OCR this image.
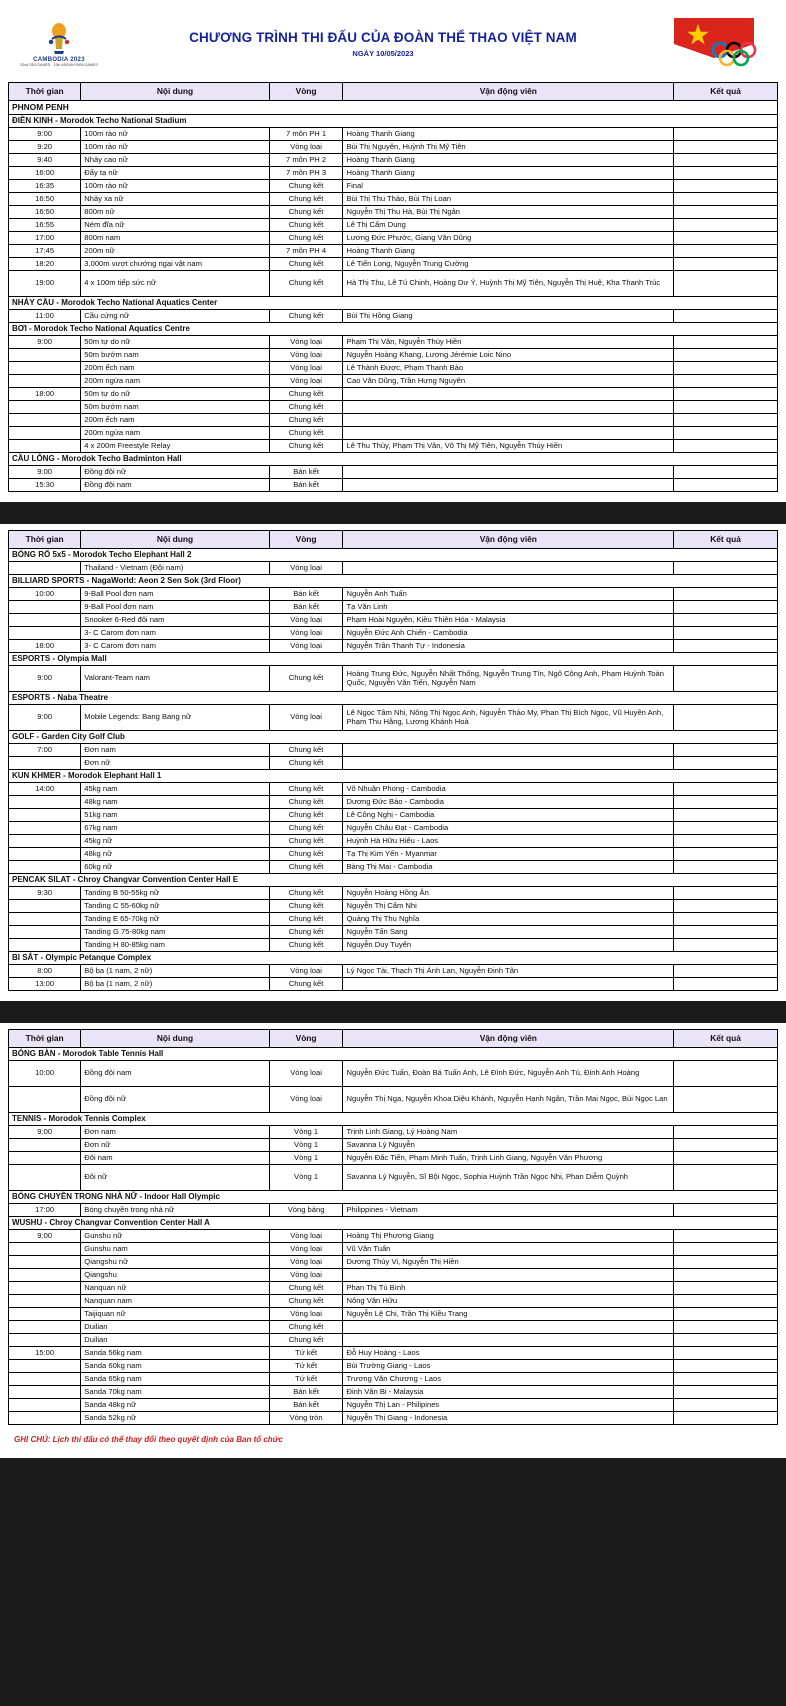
CAMBODIA 2023
32nd SEA GAMES · 12th ASEAN PARA GAMES
CHƯƠNG TRÌNH THI ĐẤU CỦA ĐOÀN THỂ THAO VIỆT NAM
NGÀY 10/05/2023
Thời gian	Nội dung	Vòng	Vận động viên	Kết quả
PHNOM PENH				
ĐIỀN KINH - Morodok Techo National Stadium				
9:00	100m rào nữ	7 môn PH 1	Hoàng Thanh Giang	
9:20	100m rào nữ	Vòng loại	Bùi Thị Nguyên, Huỳnh Thị Mỹ Tiên	
9:40	Nhảy cao nữ	7 môn PH 2	Hoàng Thanh Giang	
16:00	Đẩy tạ nữ	7 môn PH 3	Hoàng Thanh Giang	
16:35	100m rào nữ	Chung kết	Final	
16:50	Nhảy xa nữ	Chung kết	Bùi Thị Thu Thảo, Bùi Thị Loan	
16:50	800m nữ	Chung kết	Nguyễn Thị Thu Hà, Bùi Thị Ngân	
16:55	Ném đĩa nữ	Chung kết	Lê Thị Cẩm Dung	
17:00	800m nam	Chung kết	Lương Đức Phước, Giang Văn Dũng	
17:45	200m nữ	7 môn PH 4	Hoàng Thanh Giang	
18:20	3,000m vượt chướng ngại vật nam	Chung kết	Lê Tiến Long, Nguyễn Trung Cường	
19:00	4 x 100m tiếp sức nữ	Chung kết	Hà Thị Thu, Lê Tú Chinh, Hoàng Dư Ý, Huỳnh Thị Mỹ Tiên, Nguyễn Thị Huệ, Kha Thanh Trúc	
NHẢY CẦU - Morodok Techo National Aquatics Center				
11:00	Cầu cứng nữ	Chung kết	Bùi Thị Hồng Giang	
BƠI - Morodok Techo National Aquatics Centre				
9:00	50m tự do nữ	Vòng loại	Phạm Thị Vân, Nguyễn Thúy Hiền	
	50m bướm nam	Vòng loại	Nguyễn Hoàng Khang, Lương Jérémie Loic Nino	
	200m ếch nam	Vòng loại	Lê Thành Được, Phạm Thanh Bảo	
	200m ngửa nam	Vòng loại	Cao Văn Dũng, Trần Hưng Nguyên	
18:00	50m tự do nữ	Chung kết		
	50m bướm nam	Chung kết		
	200m ếch nam	Chung kết		
	200m ngửa nam	Chung kết		
	4 x 200m Freestyle Relay	Chung kết	Lê Thu Thủy, Phạm Thị Vân, Võ Thị Mỹ Tiên, Nguyễn Thúy Hiền	
CẦU LÔNG - Morodok Techo Badminton Hall				
9:00	Đồng đội nữ	Bán kết		
15:30	Đồng đội nam	Bán kết		
Thời gian	Nội dung	Vòng	Vận động viên	Kết quả
BÓNG RỔ 5x5 - Morodok Techo Elephant Hall 2				
	Thailand - Vietnam (Đội nam)	Vòng loại		
BILLIARD SPORTS - NagaWorld: Aeon 2 Sen Sok (3rd Floor)				
10:00	9-Ball Pool đơn nam	Bán kết	Nguyễn Anh Tuấn	
	9-Ball Pool đơn nam	Bán kết	Tạ Văn Linh	
	Snooker 6-Red đôi nam	Vòng loại	Phạm Hoài Nguyên, Kiều Thiên Hóa - Malaysia	
	3- C Carom đơn nam	Vòng loại	Nguyễn Đức Anh Chiến - Cambodia	
18:00	3- C Carom đơn nam	Vòng loại	Nguyễn Trần Thanh Tự - Indonesia	
ESPORTS - Olympia Mall				
9:00	Valorant-Team nam	Chung kết	Hoàng Trung Đức, Nguyễn Nhất Thống, Nguyễn Trung Tín, Ngô Công Anh, Phạm Huỳnh Toàn Quốc, Nguyễn Văn Tiến, Nguyễn Nam	
ESPORTS - Naba Theatre				
9:00	Mobile Legends: Bang Bang nữ	Vòng loại	Lê Ngọc Tâm Nhi, Nông Thị Ngọc Anh, Nguyễn Thảo My, Phan Thị Bích Ngọc, Vũ Huyền Anh, Phạm Thu Hằng, Lương Khánh Hoà	
GOLF - Garden City Golf Club				
7:00	Đơn nam	Chung kết		
	Đơn nữ	Chung kết		
KUN KHMER - Morodok Elephant Hall 1				
14:00	45kg nam	Chung kết	Võ Nhuận Phong - Cambodia	
	48kg nam	Chung kết	Dương Đức Bảo - Cambodia	
	51kg nam	Chung kết	Lê Công Nghị - Cambodia	
	67kg nam	Chung kết	Nguyễn Châu Đạt - Cambodia	
	45kg nữ	Chung kết	Huỳnh Hà Hữu Hiếu - Laos	
	48kg nữ	Chung kết	Tạ Thị Kim Yến - Myanmar	
	60kg nữ	Chung kết	Bàng Thị Mai - Cambodia	
PENCAK SILAT - Chroy Changvar Convention Center Hall E				
9:30	Tanding B 50-55kg nữ	Chung kết	Nguyễn Hoàng Hồng Ân	
	Tanding C 55-60kg nữ	Chung kết	Nguyễn Thị Cẩm Nhi	
	Tanding E 65-70kg nữ	Chung kết	Quảng Thị Thu Nghĩa	
	Tanding G 75-80kg nam	Chung kết	Nguyễn Tấn Sang	
	Tanding H 80-85kg nam	Chung kết	Nguyễn Duy Tuyến	
BI SẮT - Olympic Petanque Complex				
8:00	Bộ ba (1 nam, 2 nữ)	Vòng loại	Lý Ngọc Tài, Thạch Thị Ánh Lan, Nguyễn Đinh Tân	
13:00	Bộ ba (1 nam, 2 nữ)	Chung kết		
Thời gian	Nội dung	Vòng	Vận động viên	Kết quả
BÓNG BÀN - Morodok Table Tennis Hall				
10:00	Đồng đội nam	Vòng loại	Nguyễn Đức Tuấn, Đoàn Bá Tuấn Anh, Lê Đình Đức, Nguyễn Anh Tú, Đinh Anh Hoàng	
	Đồng đội nữ	Vòng loại	Nguyễn Thị Nga, Nguyễn Khoa Diệu Khánh, Nguyễn Hạnh Ngân, Trần Mai Ngọc, Bùi Ngọc Lan	
TENNIS - Morodok Tennis Complex				
9:00	Đơn nam	Vòng 1	Trịnh Linh Giang, Lý Hoàng Nam	
	Đơn nữ	Vòng 1	Savanna Lý Nguyễn	
	Đôi nam	Vòng 1	Nguyễn Đắc Tiến, Phạm Minh Tuấn, Trịnh Linh Giang, Nguyễn Văn Phương	
	Đôi nữ	Vòng 1	Savanna Lý Nguyễn, Sĩ Bội Ngọc, Sophia Huỳnh Trần Ngọc Nhi, Phan Diễm Quỳnh	
BÓNG CHUYỀN TRONG NHÀ NỮ - Indoor Hall Olympic				
17:00	Bóng chuyền trong nhà nữ	Vòng bảng	Philippines - Vietnam	
WUSHU - Chroy Changvar Convention Center Hall A				
9:00	Gunshu nữ	Vòng loại	Hoàng Thị Phương Giang	
	Gunshu nam	Vòng loại	Vũ Văn Tuấn	
	Qiangshu nữ	Vòng loại	Dương Thúy Vi, Nguyễn Thị Hiền	
	Qiangshu	Vòng loại		
	Nanquan nữ	Chung kết	Phan Thị Tú Bình	
	Nanquan nam	Chung kết	Nông Văn Hữu	
	Taijiquan nữ	Vòng loại	Nguyễn Lệ Chi, Trần Thị Kiều Trang	
	Duilian	Chung kết		
	Duilian	Chung kết		
15:00	Sanda 56kg nam	Tứ kết	Đỗ Huy Hoàng - Laos	
	Sanda 60kg nam	Tứ kết	Bùi Trường Giang - Laos	
	Sanda 65kg nam	Tứ kết	Trương Văn Chương - Laos	
	Sanda 70kg nam	Bán kết	Đinh Văn Bi - Malaysia	
	Sanda 48kg nữ	Bán kết	Nguyễn Thị Lan - Philipines	
	Sanda 52kg nữ	Vòng tròn	Nguyễn Thị Giang - Indonesia	
GHI CHÚ: Lịch thi đấu có thể thay đổi theo quyết định của Ban tổ chức
